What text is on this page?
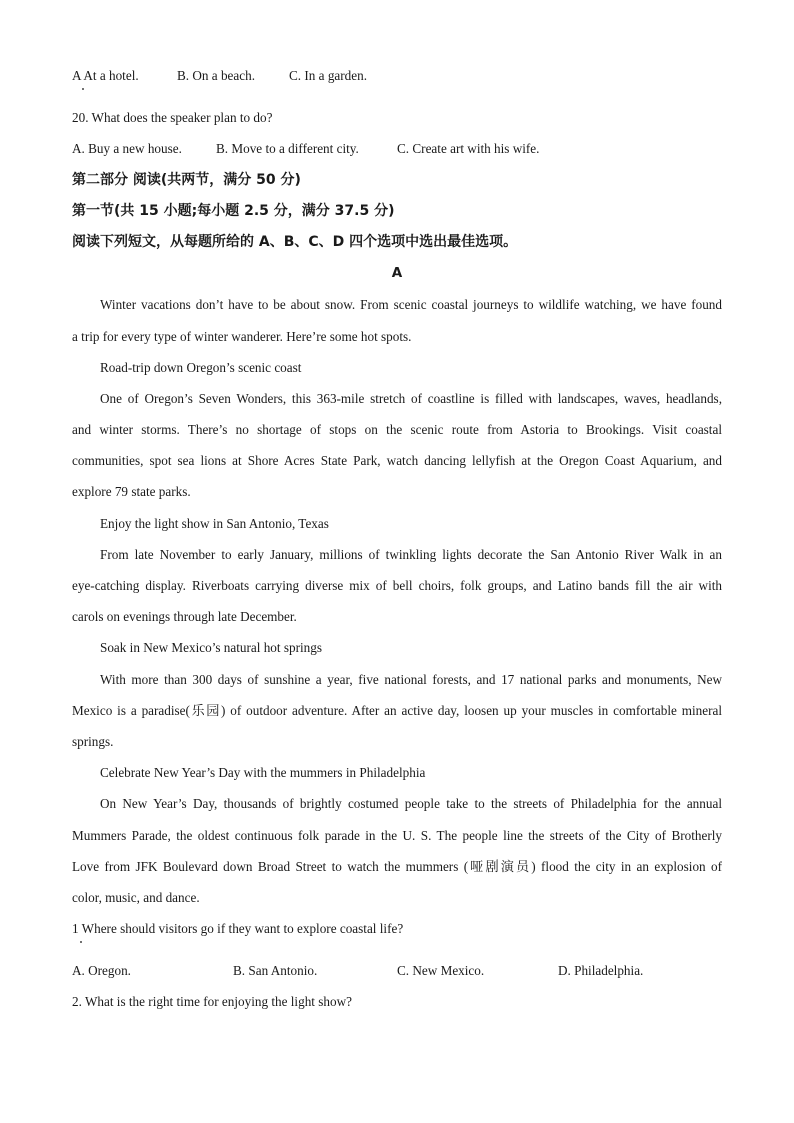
A At a hotel.	B. On a beach.	C. In a garden.
20. What does the speaker plan to do?
A. Buy a new house.	B. Move to a different city.	C. Create art with his wife.
第二部分 阅读(共两节，满分 50 分)
第一节(共 15 小题;每小题 2.5 分，满分 37.5 分)
阅读下列短文，从每题所给的 A、B、C、D 四个选项中选出最佳选项。
A
Winter vacations don’t have to be about snow. From scenic coastal journeys to wildlife watching, we have found
a trip for every type of winter wanderer. Here’re some hot spots.
Road-trip down Oregon’s scenic coast
One of Oregon’s Seven Wonders, this 363-mile stretch of coastline is filled with landscapes, waves, headlands,
and winter storms. There’s no shortage of stops on the scenic route from Astoria to Brookings. Visit coastal
communities, spot sea lions at Shore Acres State Park, watch dancing lellyfish at the Oregon Coast Aquarium, and
explore 79 state parks.
Enjoy the light show in San Antonio, Texas
From late November to early January, millions of twinkling lights decorate the San Antonio River Walk in an
eye-catching display. Riverboats carrying diverse mix of bell choirs, folk groups, and Latino bands fill the air with
carols on evenings through late December.
Soak in New Mexico’s natural hot springs
With more than 300 days of sunshine a year, five national forests, and 17 national parks and monuments, New
Mexico is a paradise(乐园) of outdoor adventure. After an active day, loosen up your muscles in comfortable mineral
springs.
Celebrate New Year’s Day with the mummers in Philadelphia
On New Year’s Day, thousands of brightly costumed people take to the streets of Philadelphia for the annual
Mummers Parade, the oldest continuous folk parade in the U. S. The people line the streets of the City of Brotherly
Love from JFK Boulevard down Broad Street to watch the mummers (哑剧演员) flood the city in an explosion of
color, music, and dance.
1 Where should visitors go if they want to explore coastal life?
A. Oregon.	B. San Antonio.	C. New Mexico.	D. Philadelphia.
2. What is the right time for enjoying the light show?
